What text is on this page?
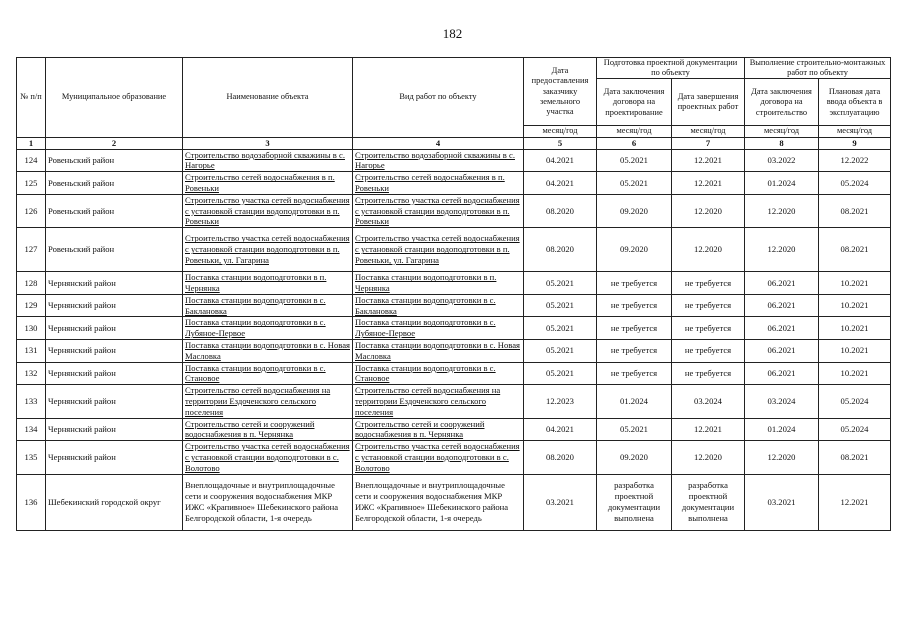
182
№ п/п	Муниципальное образование	Наименование объекта	Вид работ по объекту	Дата предоставления заказчику земельного участка	Подготовка проектной документации по объекту		Выполнение строительно-монтажных работ по объекту	
					Дата заключения договора на проектирование	Дата завершения проектных работ	Дата заключения договора на строительство	Плановая дата ввода объекта в эксплуатацию
				месяц/год	месяц/год	месяц/год	месяц/год	месяц/год
1	2	3	4	5	6	7	8	9
124	Ровеньский район	Строительство водозаборной скважины в с. Нагорье	Строительство водозаборной скважины в с. Нагорье	04.2021	05.2021	12.2021	03.2022	12.2022
125	Ровеньский район	Строительство сетей водоснабжения в п. Ровеньки	Строительство сетей водоснабжения в п. Ровеньки	04.2021	05.2021	12.2021	01.2024	05.2024
126	Ровеньский район	Строительство участка сетей водоснабжения с установкой станции водоподготовки в п. Ровеньки	Строительство участка сетей водоснабжения с установкой станции водоподготовки в п. Ровеньки	08.2020	09.2020	12.2020	12.2020	08.2021
127	Ровеньский район	Строительство участка сетей водоснабжения с установкой станции водоподготовки в п. Ровеньки, ул. Гагарина	Строительство участка сетей водоснабжения с установкой станции водоподготовки в п. Ровеньки, ул. Гагарина	08.2020	09.2020	12.2020	12.2020	08.2021
128	Чернянский район	Поставка станции водоподготовки в п. Чернянка	Поставка станции водоподготовки в п. Чернянка	05.2021	не требуется	не требуется	06.2021	10.2021
129	Чернянский район	Поставка станции водоподготовки в с. Баклановка	Поставка станции водоподготовки в с. Баклановка	05.2021	не требуется	не требуется	06.2021	10.2021
130	Чернянский район	Поставка станции водоподготовки в с. Лубяное-Первое	Поставка станции водоподготовки в с. Лубяное-Первое	05.2021	не требуется	не требуется	06.2021	10.2021
131	Чернянский район	Поставка станции водоподготовки в с. Новая Масловка	Поставка станции водоподготовки в с. Новая Масловка	05.2021	не требуется	не требуется	06.2021	10.2021
132	Чернянский район	Поставка станции водоподготовки в с. Становое	Поставка станции водоподготовки в с. Становое	05.2021	не требуется	не требуется	06.2021	10.2021
133	Чернянский район	Строительство сетей водоснабжения на территории Ездоченского сельского поселения	Строительство сетей водоснабжения на территории Ездоченского сельского поселения	12.2023	01.2024	03.2024	03.2024	05.2024
134	Чернянский район	Строительство сетей и сооружений водоснабжения в п. Чернянка	Строительство сетей и сооружений водоснабжения в п. Чернянка	04.2021	05.2021	12.2021	01.2024	05.2024
135	Чернянский район	Строительство участка сетей водоснабжения с установкой станции водоподготовки в с. Волотово	Строительство участка сетей водоснабжения с установкой станции водоподготовки в с. Волотово	08.2020	09.2020	12.2020	12.2020	08.2021
136	Шебекинский городской округ	Внеплощадочные и внутриплощадочные сети и сооружения водоснабжения МКР ИЖС «Крапивное» Шебекинского района Белгородской области, 1-я очередь	Внеплощадочные и внутриплощадочные сети и сооружения водоснабжения МКР ИЖС «Крапивное» Шебекинского района Белгородской области, 1-я очередь	03.2021	разработка проектной документации выполнена	разработка проектной документации выполнена	03.2021	12.2021
